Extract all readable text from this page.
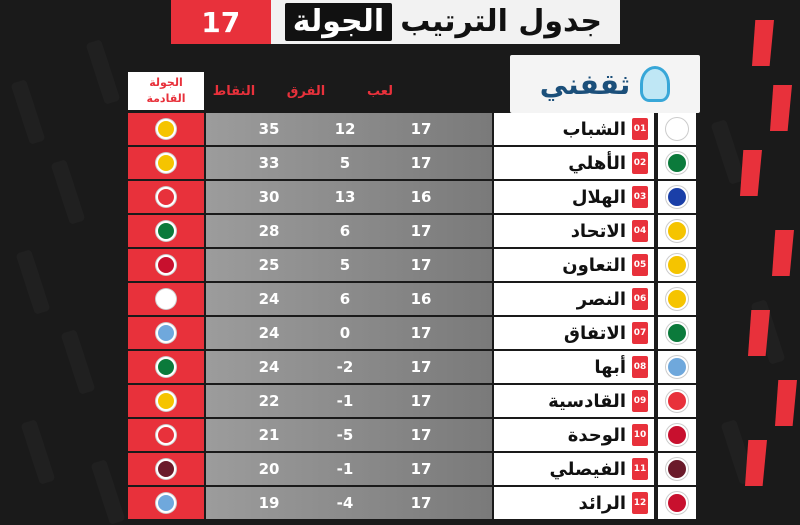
جدول الترتيب
الجولة
17
ثقفني
الجولة القادمة	النقاط	الفرق	لعب
35	12	17	الشباب 01
33	5	17	الأهلي 02
30	13	16	الهلال 03
28	6	17	الاتحاد 04
25	5	17	التعاون 05
24	6	16	النصر 06
24	0	17	الاتفاق 07
24	-2	17	أبها 08
22	-1	17	القادسية 09
21	-5	17	الوحدة 10
20	-1	17	الفيصلي 11
19	-4	17	الرائد 12
